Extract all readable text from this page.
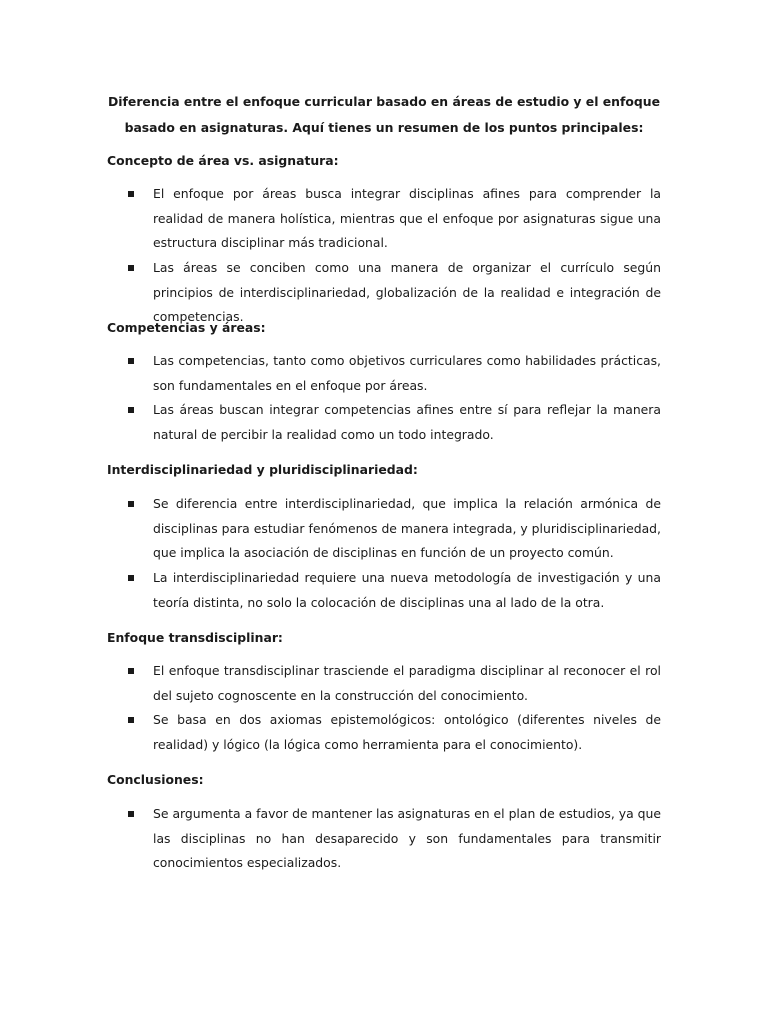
Diferencia entre el enfoque curricular basado en áreas de estudio y el enfoque basado en asignaturas. Aquí tienes un resumen de los puntos principales:
Concepto de área vs. asignatura:
El enfoque por áreas busca integrar disciplinas afines para comprender la realidad de manera holística, mientras que el enfoque por asignaturas sigue una estructura disciplinar más tradicional.
Las áreas se conciben como una manera de organizar el currículo según principios de interdisciplinariedad, globalización de la realidad e integración de competencias.
Competencias y áreas:
Las competencias, tanto como objetivos curriculares como habilidades prácticas, son fundamentales en el enfoque por áreas.
Las áreas buscan integrar competencias afines entre sí para reflejar la manera natural de percibir la realidad como un todo integrado.
Interdisciplinariedad y pluridisciplinariedad:
Se diferencia entre interdisciplinariedad, que implica la relación armónica de disciplinas para estudiar fenómenos de manera integrada, y pluridisciplinariedad, que implica la asociación de disciplinas en función de un proyecto común.
La interdisciplinariedad requiere una nueva metodología de investigación y una teoría distinta, no solo la colocación de disciplinas una al lado de la otra.
Enfoque transdisciplinar:
El enfoque transdisciplinar trasciende el paradigma disciplinar al reconocer el rol del sujeto cognoscente en la construcción del conocimiento.
Se basa en dos axiomas epistemológicos: ontológico (diferentes niveles de realidad) y lógico (la lógica como herramienta para el conocimiento).
Conclusiones:
Se argumenta a favor de mantener las asignaturas en el plan de estudios, ya que las disciplinas no han desaparecido y son fundamentales para transmitir conocimientos especializados.
